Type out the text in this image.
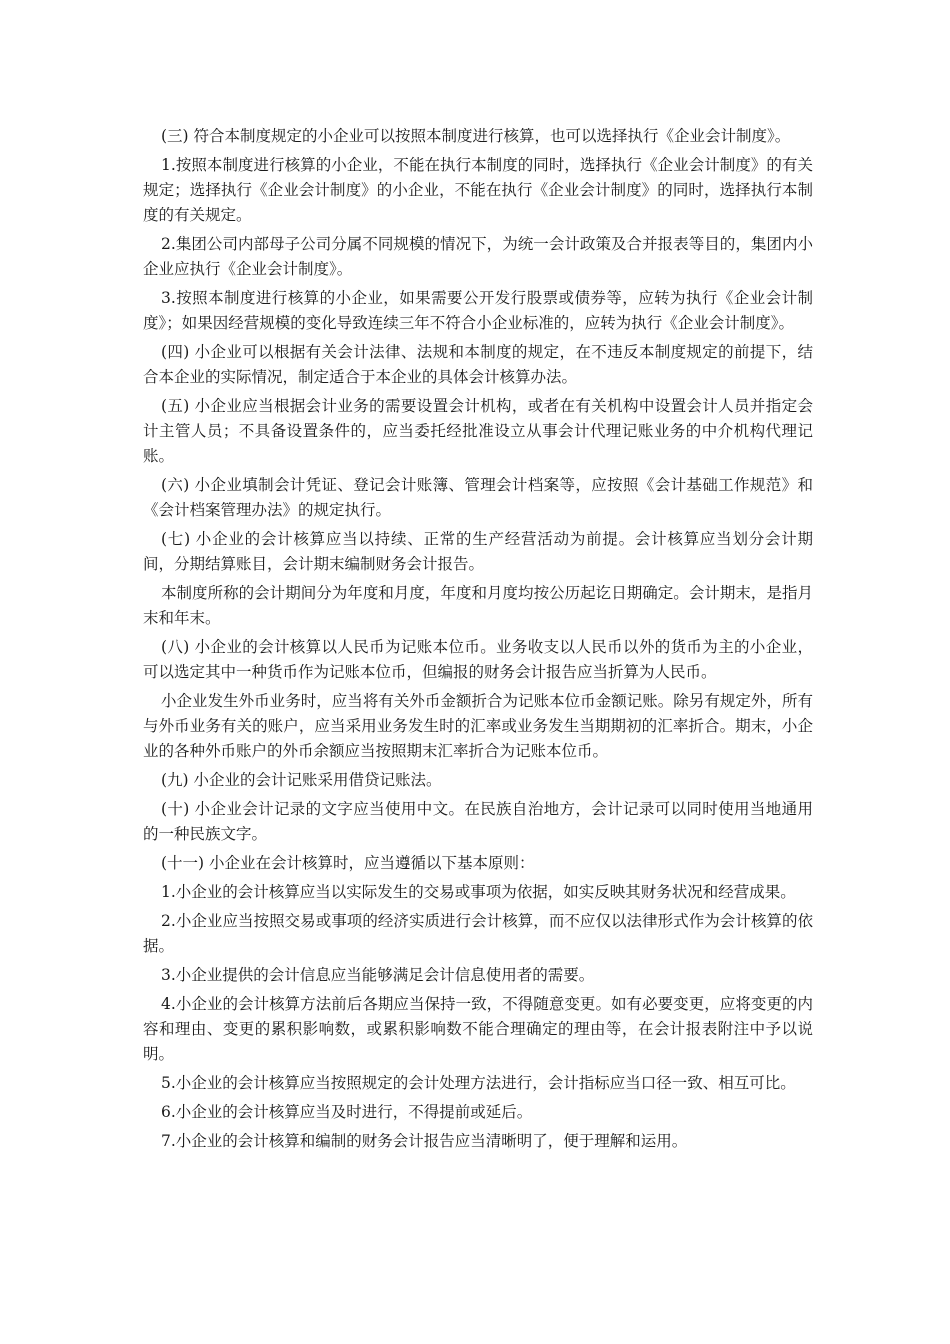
(三) 符合本制度规定的小企业可以按照本制度进行核算，也可以选择执行《企业会计制度》。

1.按照本制度进行核算的小企业，不能在执行本制度的同时，选择执行《企业会计制度》的有关规定；选择执行《企业会计制度》的小企业，不能在执行《企业会计制度》的同时，选择执行本制度的有关规定。

2.集团公司内部母子公司分属不同规模的情况下，为统一会计政策及合并报表等目的，集团内小企业应执行《企业会计制度》。

3.按照本制度进行核算的小企业，如果需要公开发行股票或债券等，应转为执行《企业会计制度》；如果因经营规模的变化导致连续三年不符合小企业标准的，应转为执行《企业会计制度》。

(四) 小企业可以根据有关会计法律、法规和本制度的规定，在不违反本制度规定的前提下，结合本企业的实际情况，制定适合于本企业的具体会计核算办法。

(五) 小企业应当根据会计业务的需要设置会计机构，或者在有关机构中设置会计人员并指定会计主管人员；不具备设置条件的，应当委托经批准设立从事会计代理记账业务的中介机构代理记账。

(六) 小企业填制会计凭证、登记会计账簿、管理会计档案等，应按照《会计基础工作规范》和《会计档案管理办法》的规定执行。

(七) 小企业的会计核算应当以持续、正常的生产经营活动为前提。会计核算应当划分会计期间，分期结算账目，会计期末编制财务会计报告。

本制度所称的会计期间分为年度和月度，年度和月度均按公历起讫日期确定。会计期末，是指月末和年末。

(八) 小企业的会计核算以人民币为记账本位币。业务收支以人民币以外的货币为主的小企业，可以选定其中一种货币作为记账本位币，但编报的财务会计报告应当折算为人民币。

小企业发生外币业务时，应当将有关外币金额折合为记账本位币金额记账。除另有规定外，所有与外币业务有关的账户，应当采用业务发生时的汇率或业务发生当期期初的汇率折合。期末，小企业的各种外币账户的外币余额应当按照期末汇率折合为记账本位币。

(九) 小企业的会计记账采用借贷记账法。

(十) 小企业会计记录的文字应当使用中文。在民族自治地方，会计记录可以同时使用当地通用的一种民族文字。

(十一) 小企业在会计核算时，应当遵循以下基本原则：

1.小企业的会计核算应当以实际发生的交易或事项为依据，如实反映其财务状况和经营成果。

2.小企业应当按照交易或事项的经济实质进行会计核算，而不应仅以法律形式作为会计核算的依据。

3.小企业提供的会计信息应当能够满足会计信息使用者的需要。

4.小企业的会计核算方法前后各期应当保持一致，不得随意变更。如有必要变更，应将变更的内容和理由、变更的累积影响数，或累积影响数不能合理确定的理由等，在会计报表附注中予以说明。

5.小企业的会计核算应当按照规定的会计处理方法进行，会计指标应当口径一致、相互可比。

6.小企业的会计核算应当及时进行，不得提前或延后。

7.小企业的会计核算和编制的财务会计报告应当清晰明了，便于理解和运用。
